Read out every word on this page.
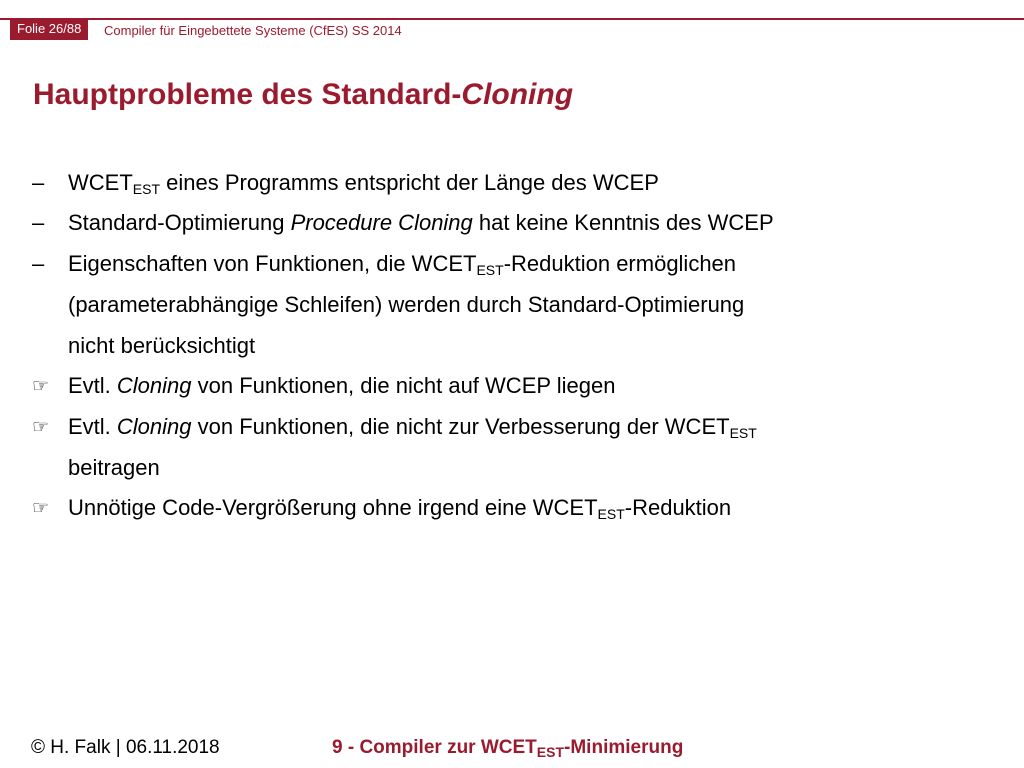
Folie 26/88	Compiler für Eingebettete Systeme (CfES) SS 2014
Hauptprobleme des Standard-Cloning
– $WCET_{EST}$ eines Programms entspricht der Länge des WCEP
– Standard-Optimierung Procedure Cloning hat keine Kenntnis des WCEP
– Eigenschaften von Funktionen, die $WCET_{EST}$-Reduktion ermöglichen
(parameterabhängige Schleifen) werden durch Standard-Optimierung
nicht berücksichtigt
☞ Evtl. Cloning von Funktionen, die nicht auf WCEP liegen
☞ Evtl. Cloning von Funktionen, die nicht zur Verbesserung der $WCET_{EST}$
beitragen
☞ Unnötige Code-Vergrößerung ohne irgend eine $WCET_{EST}$-Reduktion
© H. Falk | 06.11.2018	9 - Compiler zur $WCET_{EST}$-Minimierung
